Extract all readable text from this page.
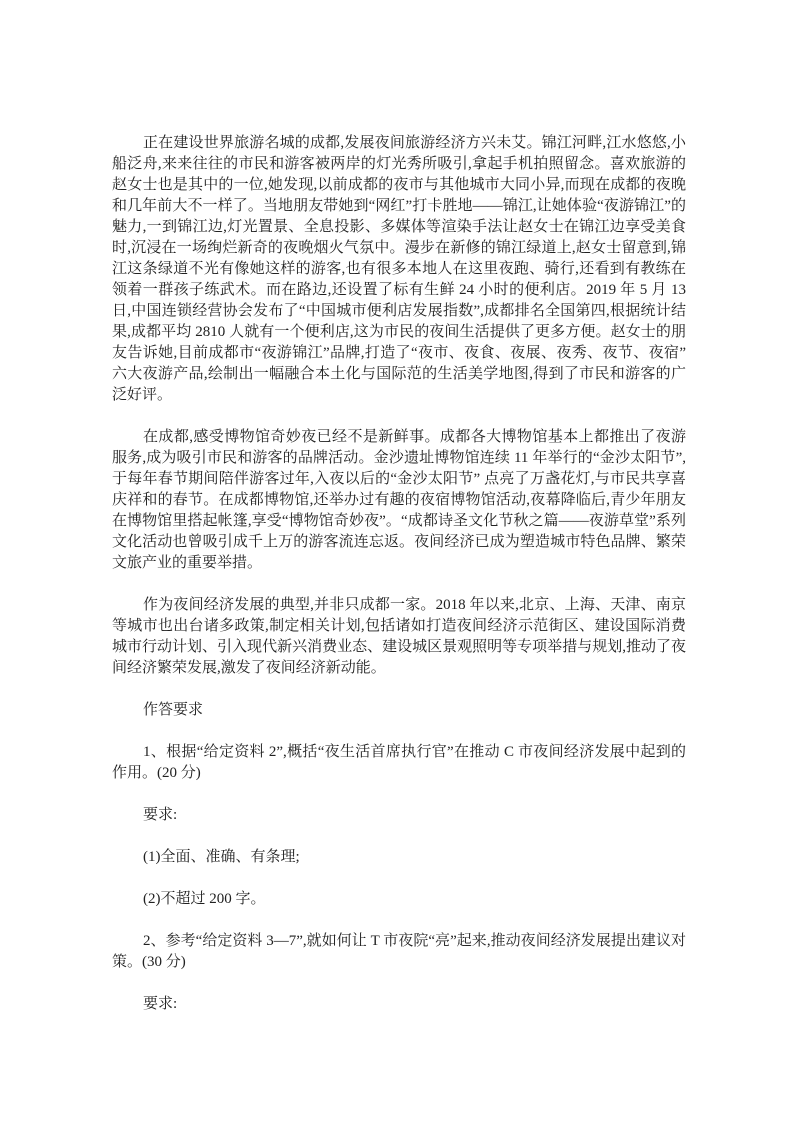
正在建设世界旅游名城的成都,发展夜间旅游经济方兴未艾。锦江河畔,江水悠悠,小船泛舟,来来往往的市民和游客被两岸的灯光秀所吸引,拿起手机拍照留念。喜欢旅游的赵女士也是其中的一位,她发现,以前成都的夜市与其他城市大同小异,而现在成都的夜晚和几年前大不一样了。当地朋友带她到“网红”打卡胜地——锦江,让她体验“夜游锦江”的魅力,一到锦江边,灯光置景、全息投影、多媒体等渲染手法让赵女士在锦江边享受美食时,沉浸在一场绚烂新奇的夜晚烟火气氛中。漫步在新修的锦江绿道上,赵女士留意到,锦江这条绿道不光有像她这样的游客,也有很多本地人在这里夜跑、骑行,还看到有教练在领着一群孩子练武术。而在路边,还设置了标有生鲜 24 小时的便利店。2019 年 5 月 13 日,中国连锁经营协会发布了“中国城市便利店发展指数”,成都排名全国第四,根据统计结果,成都平均 2810 人就有一个便利店,这为市民的夜间生活提供了更多方便。赵女士的朋友告诉她,目前成都市“夜游锦江”品牌,打造了“夜市、夜食、夜展、夜秀、夜节、夜宿”六大夜游产品,绘制出一幅融合本土化与国际范的生活美学地图,得到了市民和游客的广泛好评。

在成都,感受博物馆奇妙夜已经不是新鲜事。成都各大博物馆基本上都推出了夜游服务,成为吸引市民和游客的品牌活动。金沙遗址博物馆连续 11 年举行的“金沙太阳节”,于每年春节期间陪伴游客过年,入夜以后的“金沙太阳节” 点亮了万盏花灯,与市民共享喜庆祥和的春节。在成都博物馆,还举办过有趣的夜宿博物馆活动,夜幕降临后,青少年朋友在博物馆里搭起帐篷,享受“博物馆奇妙夜”。“成都诗圣文化节秋之篇——夜游草堂”系列文化活动也曾吸引成千上万的游客流连忘返。夜间经济已成为塑造城市特色品牌、繁荣文旅产业的重要举措。

作为夜间经济发展的典型,并非只成都一家。2018 年以来,北京、上海、天津、南京等城市也出台诸多政策,制定相关计划,包括诸如打造夜间经济示范街区、建设国际消费城市行动计划、引入现代新兴消费业态、建设城区景观照明等专项举措与规划,推动了夜间经济繁荣发展,激发了夜间经济新动能。

作答要求

1、根据“给定资料 2”,概括“夜生活首席执行官”在推动 C 市夜间经济发展中起到的作用。(20 分)

要求:

(1)全面、准确、有条理;

(2)不超过 200 字。

2、参考“给定资料 3—7”,就如何让 T 市夜院“亮”起来,推动夜间经济发展提出建议对策。(30 分)

要求:
